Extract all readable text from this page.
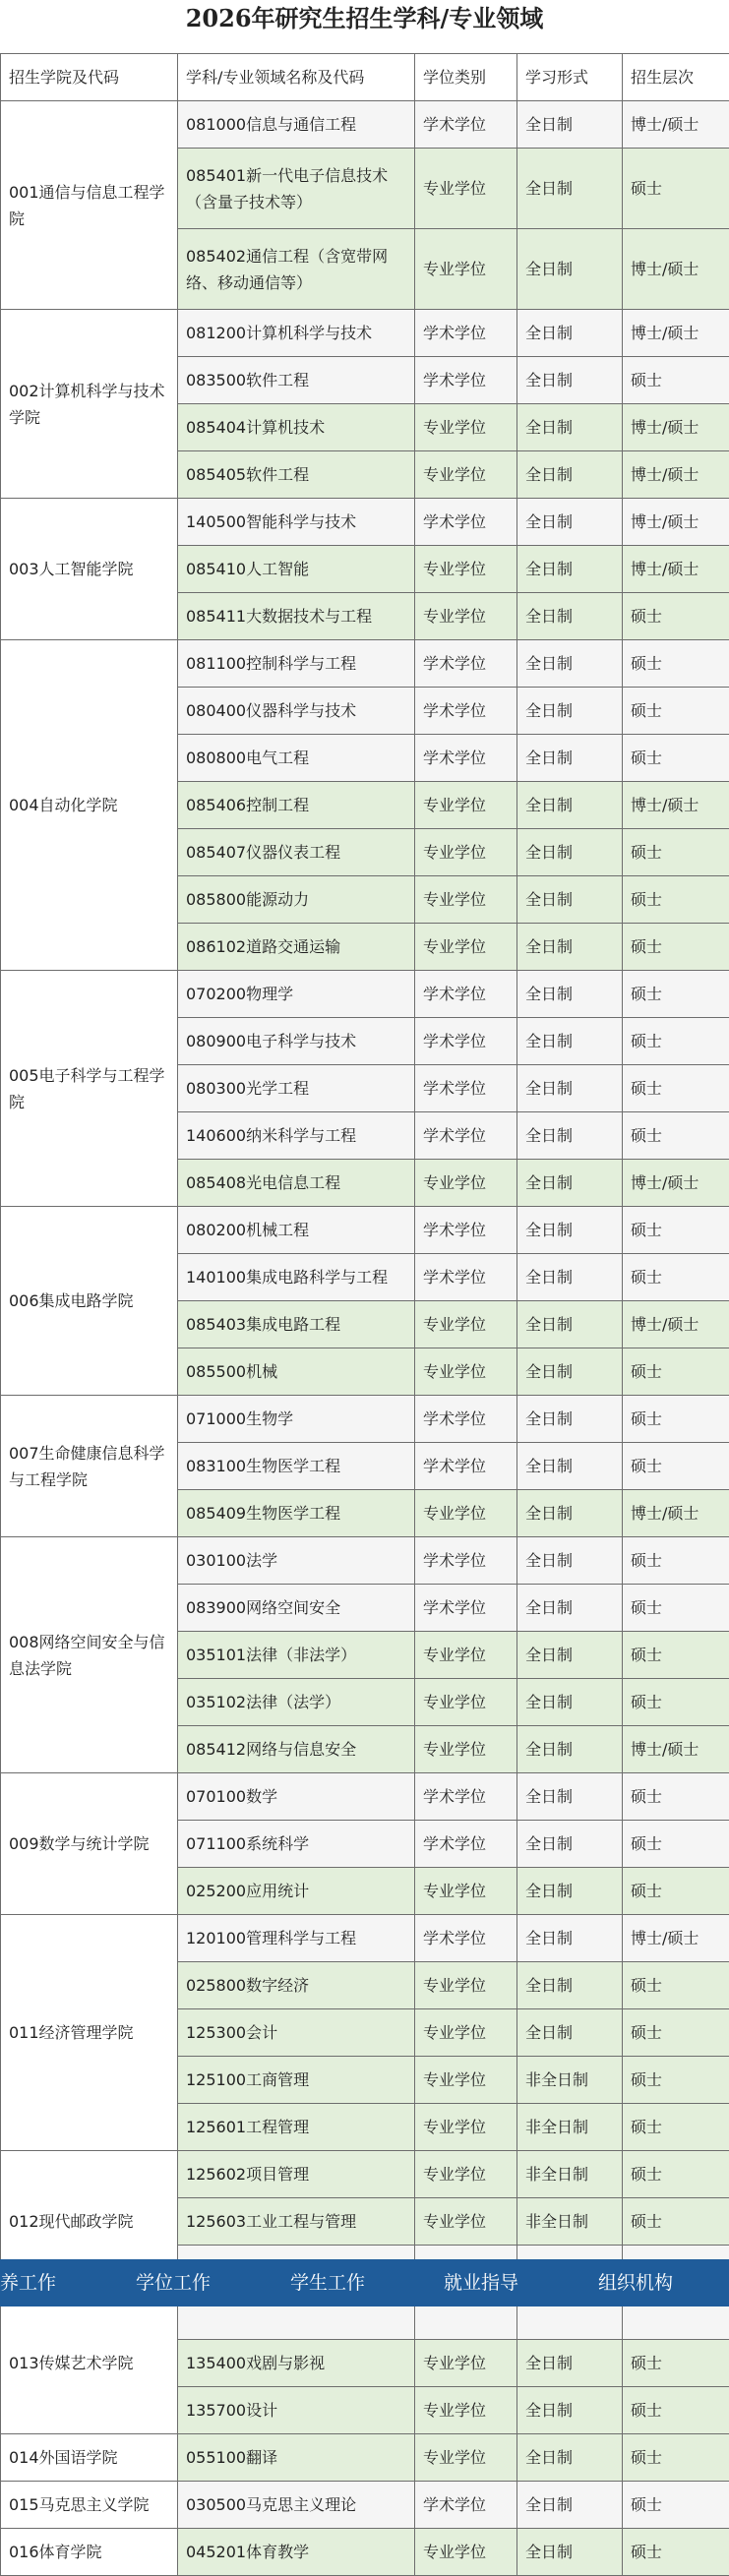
2026年研究生招生学科/专业领域
招生学院及代码	学科/专业领域名称及代码	学位类别	学习形式	招生层次
001通信与信息工程学院	081000信息与通信工程	学术学位	全日制	博士/硕士
	085401新一代电子信息技术（含量子技术等）	专业学位	全日制	硕士
	085402通信工程（含宽带网络、移动通信等）	专业学位	全日制	博士/硕士
002计算机科学与技术学院	081200计算机科学与技术	学术学位	全日制	博士/硕士
	083500软件工程	学术学位	全日制	硕士
	085404计算机技术	专业学位	全日制	博士/硕士
	085405软件工程	专业学位	全日制	博士/硕士
003人工智能学院	140500智能科学与技术	学术学位	全日制	博士/硕士
	085410人工智能	专业学位	全日制	博士/硕士
	085411大数据技术与工程	专业学位	全日制	硕士
004自动化学院	081100控制科学与工程	学术学位	全日制	硕士
	080400仪器科学与技术	学术学位	全日制	硕士
	080800电气工程	学术学位	全日制	硕士
	085406控制工程	专业学位	全日制	博士/硕士
	085407仪器仪表工程	专业学位	全日制	硕士
	085800能源动力	专业学位	全日制	硕士
	086102道路交通运输	专业学位	全日制	硕士
005电子科学与工程学院	070200物理学	学术学位	全日制	硕士
	080900电子科学与技术	学术学位	全日制	硕士
	080300光学工程	学术学位	全日制	硕士
	140600纳米科学与工程	学术学位	全日制	硕士
	085408光电信息工程	专业学位	全日制	博士/硕士
006集成电路学院	080200机械工程	学术学位	全日制	硕士
	140100集成电路科学与工程	学术学位	全日制	硕士
	085403集成电路工程	专业学位	全日制	博士/硕士
	085500机械	专业学位	全日制	硕士
007生命健康信息科学与工程学院	071000生物学	学术学位	全日制	硕士
	083100生物医学工程	学术学位	全日制	硕士
	085409生物医学工程	专业学位	全日制	博士/硕士
008网络空间安全与信息法学院	030100法学	学术学位	全日制	硕士
	083900网络空间安全	学术学位	全日制	硕士
	035101法律（非法学）	专业学位	全日制	硕士
	035102法律（法学）	专业学位	全日制	硕士
	085412网络与信息安全	专业学位	全日制	博士/硕士
009数学与统计学院	070100数学	学术学位	全日制	硕士
	071100系统科学	学术学位	全日制	硕士
	025200应用统计	专业学位	全日制	硕士
011经济管理学院	120100管理科学与工程	学术学位	全日制	博士/硕士
	025800数字经济	专业学位	全日制	硕士
	125300会计	专业学位	全日制	硕士
	125100工商管理	专业学位	非全日制	硕士
	125601工程管理	专业学位	非全日制	硕士
012现代邮政学院	125602项目管理	专业学位	非全日制	硕士
	125603工业工程与管理	专业学位	非全日制	硕士

013传媒艺术学院				
	135400戏剧与影视	专业学位	全日制	硕士
	135700设计	专业学位	全日制	硕士
014外国语学院	055100翻译	专业学位	全日制	硕士
015马克思主义学院	030500马克思主义理论	学术学位	全日制	硕士
016体育学院	045201体育教学	专业学位	全日制	硕士
养工作	学位工作	学生工作	就业指导	组织机构
